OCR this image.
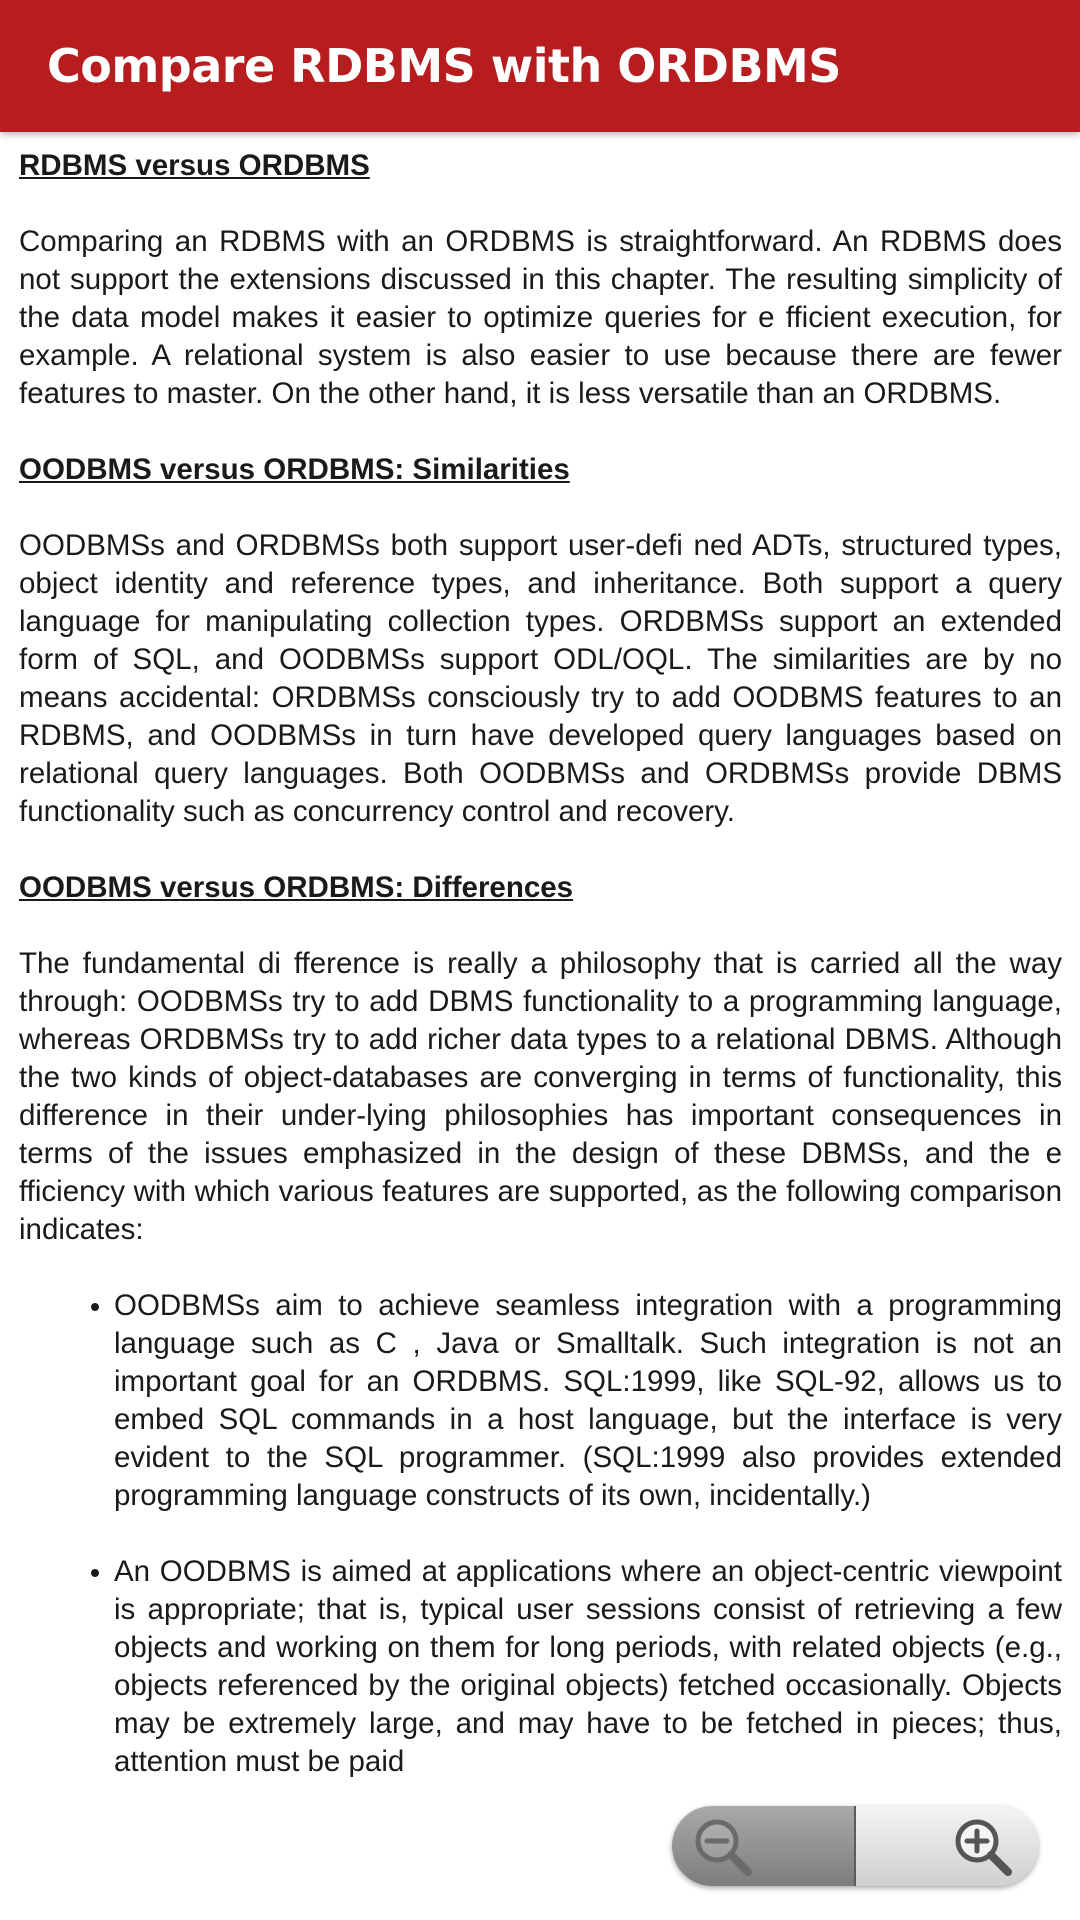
Compare RDBMS with ORDBMS
RDBMS versus ORDBMS

Comparing an RDBMS with an ORDBMS is straightforward. An RDBMS does not support the extensions discussed in this chapter. The resulting simplicity of the data model makes it easier to optimize queries for e fficient execution, for example. A relational system is also easier to use because there are fewer features to master. On the other hand, it is less versatile than an ORDBMS.

OODBMS versus ORDBMS: Similarities

OODBMSs and ORDBMSs both support user-defi ned ADTs, structured types, object identity and reference types, and inheritance. Both support a query language for manipulating collection types. ORDBMSs support an extended form of SQL, and OODBMSs support ODL/OQL. The similarities are by no means accidental: ORDBMSs consciously try to add OODBMS features to an RDBMS, and OODBMSs in turn have developed query languages based on relational query languages. Both OODBMSs and ORDBMSs provide DBMS functionality such as concurrency control and recovery.

OODBMS versus ORDBMS: Differences

The fundamental di fference is really a philosophy that is carried all the way through: OODBMSs try to add DBMS functionality to a programming language, whereas ORDBMSs try to add richer data types to a relational DBMS. Although the two kinds of object-databases are converging in terms of functionality, this difference in their under-lying philosophies has important consequences in terms of the issues emphasized in the design of these DBMSs, and the e fficiency with which various features are supported, as the following comparison indicates:

• OODBMSs aim to achieve seamless integration with a programming language such as C , Java or Smalltalk. Such integration is not an important goal for an ORDBMS. SQL:1999, like SQL-92, allows us to embed SQL commands in a host language, but the interface is very evident to the SQL programmer. (SQL:1999 also provides extended programming language constructs of its own, incidentally.)
• An OODBMS is aimed at applications where an object-centric viewpoint is appropriate; that is, typical user sessions consist of retrieving a few objects and working on them for long periods, with related objects (e.g., objects referenced by the original objects) fetched occasionally. Objects may be extremely large, and may have to be fetched in pieces; thus, attention must be paid
